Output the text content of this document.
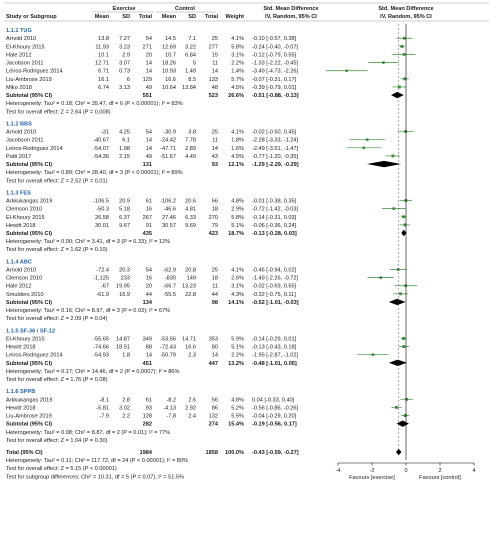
Exercise	Control	Std. Mean Difference	Std. Mean Difference
Study or Subgroup	Mean SD Total Mean SD Total Weight	IV, Random, 95% CI	IV, Random, 95% CI
1.1.1 TUG
Arnold 2010	13.8 7.27	54 14.5 7.1	25 4.1% -0.10 [-0.57, 0.38]
El-Khoury 2015	11.93 3.23 271 12.69 3.22 277 5.8% -0.24 [-0.40, -0.07]
Hale 2012	10.1 2.9	20 10.7 6.84	15 3.1% -0.12 [-0.79, 0.55]
Jacobson 2011	12.71 3.07	14 18.26	5	11 2.2% -1.33 [-2.22, -0.45]
Leiros-Rodriguez 2014	6.71 0.73	14 10.93 1.49	14 1.4% -3.49 [-4.73, -2.26]
Liu-Ambrose 2019	16.1	6 129 16.6 8.5 133 5.7% -0.07 [-0.31, 0.17]
Miko 2018	6.74 3.13	49 10.64 13.84	48 4.5% -0.39 [-0.79, 0.01]
Subtotal (95% CI)	551	523 26.6% -0.51 [-0.88, -0.13]
Heterogeneity: Tau² = 0.18; Chi² = 35.47, df = 6 (P < 0.00001); I² = 83%
Test for overall effect: Z = 2.64 (P = 0.008)
1.1.2 BBS
Arnold 2010	-31 4.25	54 -30.9 3.8	25 4.1% -0.02 [-0.50, 0.45]
Jacobson 2011	-40.67 6.1	14 -24.42 7.78	11 1.8% -2.28 [-3.33, -1.24]
Leiros-Rodriguez 2014	-54.07 1.98	14 -47.71 2.89	14 1.6% -2.49 [-3.51, -1.47]
Patti 2017	-54.36 2.15	49 -51.67 4.49	43 4.5% -0.77 [-1.20, -0.35]
Subtotal (95% CI)	131	93 12.1% -1.29 [-2.29, -0.29]
Heterogeneity: Tau² = 0.89; Chi² = 28.40, df = 3 (P < 0.00001); I² = 89%
Test for overall effect: Z = 2.52 (P = 0.01)
1.1.3 FES
Arkkukangas 2019	-106.5 20.9	61 -106.2 20.6	56 4.8% -0.01 [-0.38, 0.35]
Clemson 2010	-50.3 5.18	16 -46.6 4.81	18 2.9% -0.72 [-1.42, -0.03]
El-Khoury 2015	26.58 6.37 267 27.46 6.33 270 5.8% -0.14 [-0.31, 0.03]
Hewitt 2018	30.01 9.67	91 30.57 9.69	79 5.1% -0.06 [-0.36, 0.24]
Subtotal (95% CI)	435	423 18.7% -0.13 [-0.28, 0.03]
Heterogeneity: Tau² = 0.00; Chi² = 3.41, df = 3 (P = 0.33); I² = 12%
Test for overall effect: Z = 1.62 (P = 0.10)
1.1.4 ABC
Arnold 2010	-72.4 20.3	54 -62.9 20.8	25 4.1% -0.46 [-0.94, 0.02]
Clemson 2010	-1,125 233	16 -830 149	18 2.6% -1.49 [-2.26, -0.72]
Hale 2012	-67 19.95	20 -66.7 13.23	11 3.1% -0.02 [-0.69, 0.65]
Smulders 2010	-61.9 16.9	44 -55.5 22.8	44 4.3% -0.32 [-0.75, 0.11]
Subtotal (95% CI)	134	98 14.1% -0.52 [-1.01, -0.03]
Heterogeneity: Tau² = 0.16; Chi² = 8.97, df = 3 (P = 0.03); I² = 67%
Test for overall effect: Z = 2.09 (P = 0.04)
1.1.5 SF-36 / SF-12
El-Khoury 2015	-55.65 14.87 349 -53.56 14.71 353 5.9% -0.14 [-0.29, 0.01]
Hewitt 2018	-74.66 18.51	88 -72.43 16.6	80 5.1% -0.13 [-0.43, 0.18]
Leiros-Rodriguez 2014	-54.93 1.8	14 -50.79 2.3	14 2.2% -1.95 [-2.87, -1.02]
Subtotal (95% CI)	451	447 13.2% -0.48 [-1.01, 0.05]
Heterogeneity: Tau² = 0.17; Chi² = 14.46, df = 2 (P = 0.0007); I² = 86%
Test for overall effect: Z = 1.76 (P = 0.08)
1.1.6 SPPB
Arkkukangas 2019	-8.1 2.8	61	-8.2 2.6	56 4.8% 0.04 [-0.33, 0.40]
Hewitt 2018	-5.81 3.02	93 -4.13 2.92	86 5.2% -0.56 [-0.86, -0.26]
Liu-Ambrose 2019	-7.9 2.2 128	-7.8 2.4 132 5.5% -0.04 [-0.29, 0.20]
Subtotal (95% CI)	282	274 15.4% -0.19 [-0.56, 0.17]
Heterogeneity: Tau² = 0.08; Chi² = 8.87, df = 2 (P = 0.01); I² = 77%
Test for overall effect: Z = 1.04 (P = 0.30)
Total (95% CI)	1984	1858 100.0% -0.43 [-0.59, -0.27]
Heterogeneity: Tau² = 0.11; Chi² = 117.72, df = 24 (P < 0.00001); I² = 80%
Test for overall effect: Z = 5.15 (P < 0.00001)
Test for subgroup differences: Chi² = 10.31, df = 5 (P = 0.07), I² = 51.5%
-4	-2	0	2	4
Favours [exercise]	Favours [control]
